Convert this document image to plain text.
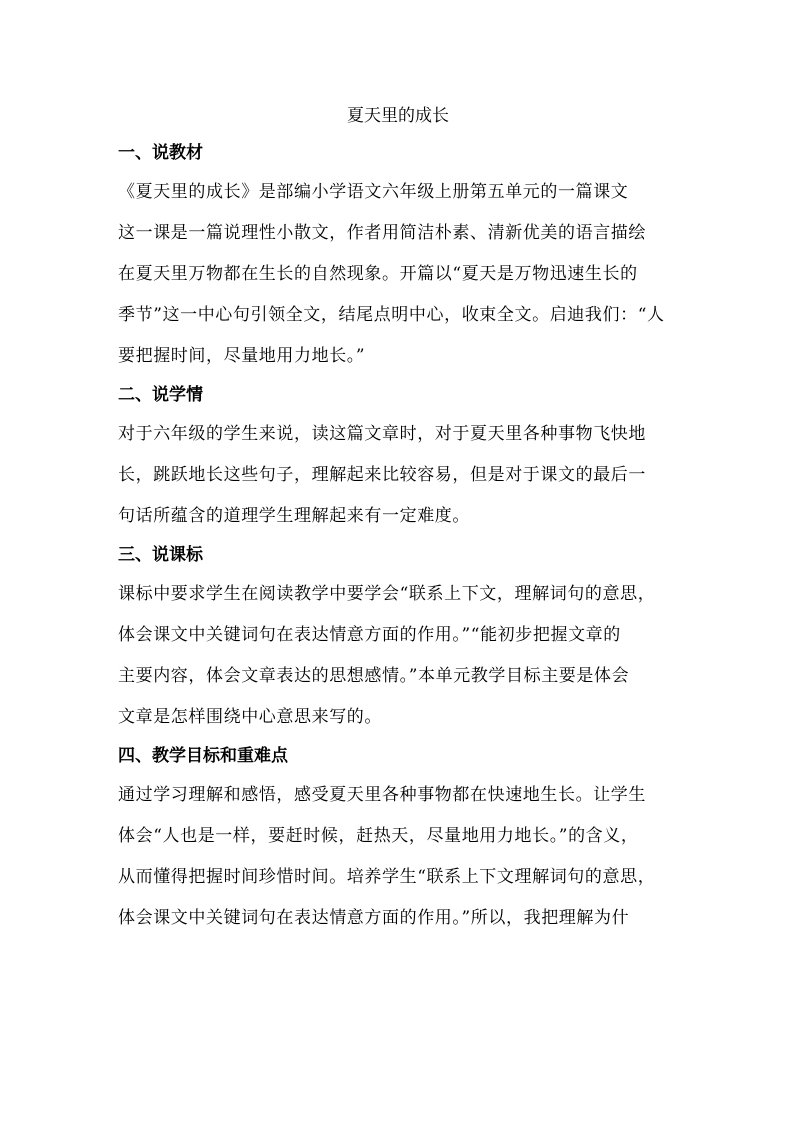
夏天里的成长
一、说教材
《夏天里的成长》是部编小学语文六年级上册第五单元的一篇课文
这一课是一篇说理性小散文，作者用简洁朴素、清新优美的语言描绘
在夏天里万物都在生长的自然现象。开篇以“夏天是万物迅速生长的
季节”这一中心句引领全文，结尾点明中心，收束全文。启迪我们：“人
要把握时间，尽量地用力地长。”
二、说学情
对于六年级的学生来说，读这篇文章时，对于夏天里各种事物飞快地
长，跳跃地长这些句子，理解起来比较容易，但是对于课文的最后一
句话所蕴含的道理学生理解起来有一定难度。
三、说课标
课标中要求学生在阅读教学中要学会“联系上下文，理解词句的意思，
体会课文中关键词句在表达情意方面的作用。”“能初步把握文章的
主要内容，体会文章表达的思想感情。”本单元教学目标主要是体会
文章是怎样围绕中心意思来写的。
四、教学目标和重难点
通过学习理解和感悟，感受夏天里各种事物都在快速地生长。让学生
体会“人也是一样，要赶时候，赶热天，尽量地用力地长。”的含义，
从而懂得把握时间珍惜时间。培养学生“联系上下文理解词句的意思，
体会课文中关键词句在表达情意方面的作用。”所以，我把理解为什
